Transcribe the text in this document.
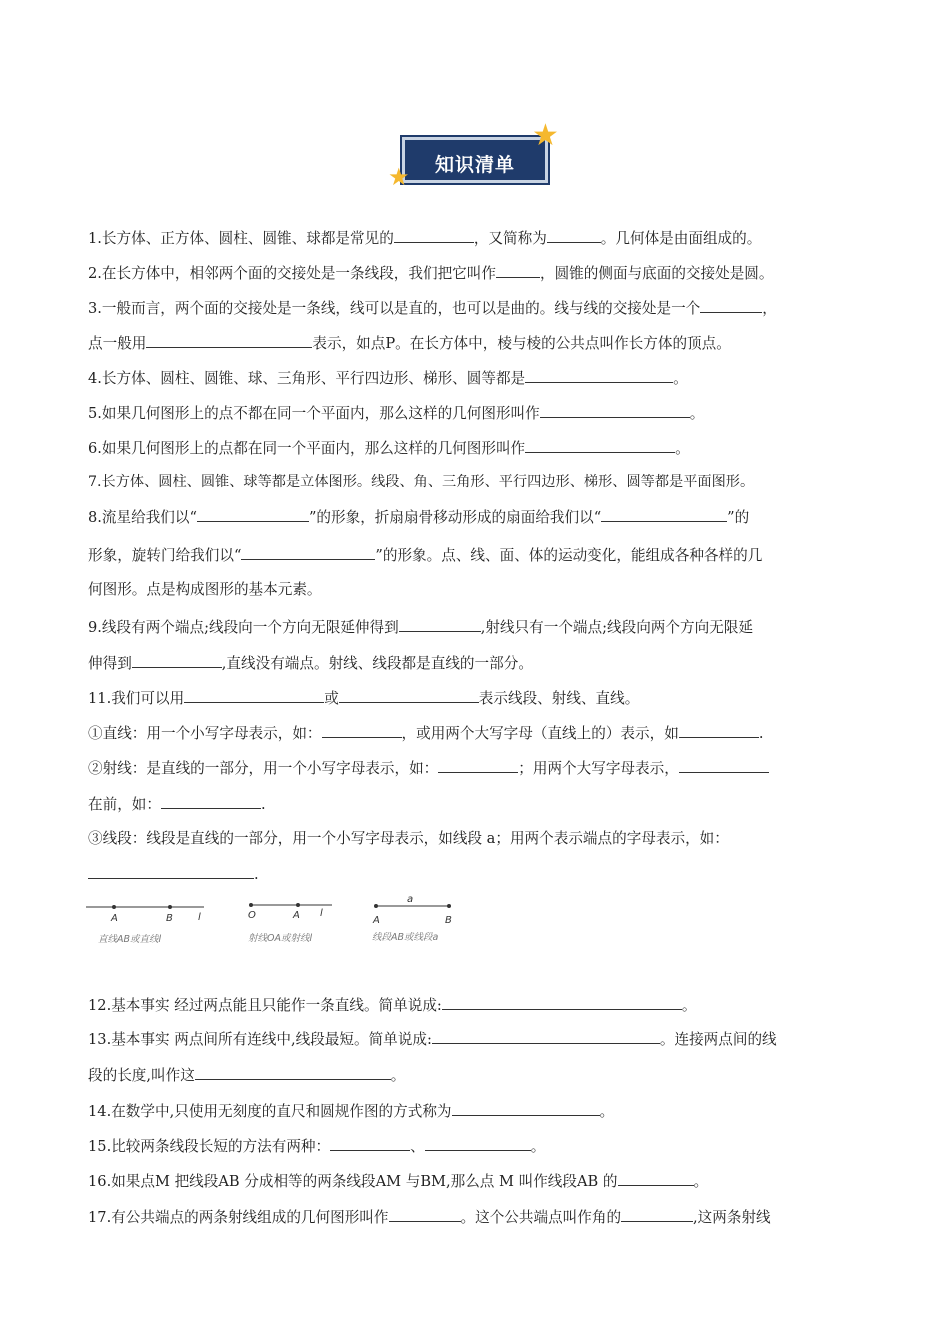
知识清单
★
★
1.长方体、正方体、圆柱、圆锥、球都是常见的	，又简称为	。几何体是由面组成的。
2.在长方体中，相邻两个面的交接处是一条线段，我们把它叫作	，圆锥的侧面与底面的交接处是圆。
3.一般而言，两个面的交接处是一条线，线可以是直的，也可以是曲的。线与线的交接处是一个	，
点一般用	表示，如点P。在长方体中，棱与棱的公共点叫作长方体的顶点。
4.长方体、圆柱、圆锥、球、三角形、平行四边形、梯形、圆等都是	。
5.如果几何图形上的点不都在同一个平面内，那么这样的几何图形叫作	。
6.如果几何图形上的点都在同一个平面内，那么这样的几何图形叫作	。
7.长方体、圆柱、圆锥、球等都是立体图形。线段、角、三角形、平行四边形、梯形、圆等都是平面图形。
8.流星给我们以“	”的形象，折扇扇骨移动形成的扇面给我们以“	”的
形象，旋转门给我们以“	”的形象。点、线、面、体的运动变化，能组成各种各样的几
何图形。点是构成图形的基本元素。
9.线段有两个端点;线段向一个方向无限延伸得到	,射线只有一个端点;线段向两个方向无限延
伸得到	,直线没有端点。射线、线段都是直线的一部分。
11.我们可以用	或	表示线段、射线、直线。
①直线：用一个小写字母表示，如：	，或用两个大写字母（直线上的）表示，如	.
②射线：是直线的一部分，用一个小写字母表示，如：	；用两个大写字母表示，
在前，如：	.
③线段：线段是直线的一部分，用一个小写字母表示，如线段 a；用两个表示端点的字母表示，如：
.
A	B	l
直线AB或直线l
O	A l
射线OA或射线l
a
A	B
线段AB或线段a
12.基本事实 经过两点能且只能作一条直线。简单说成:	。
13.基本事实 两点间所有连线中,线段最短。简单说成:	。连接两点间的线
段的长度,叫作这	。
14.在数学中,只使用无刻度的直尺和圆规作图的方式称为	。
15.比较两条线段长短的方法有两种：	、	。
16.如果点M 把线段AB 分成相等的两条线段AM 与BM,那么点 M 叫作线段AB 的	。
17.有公共端点的两条射线组成的几何图形叫作	。这个公共端点叫作角的	,这两条射线
